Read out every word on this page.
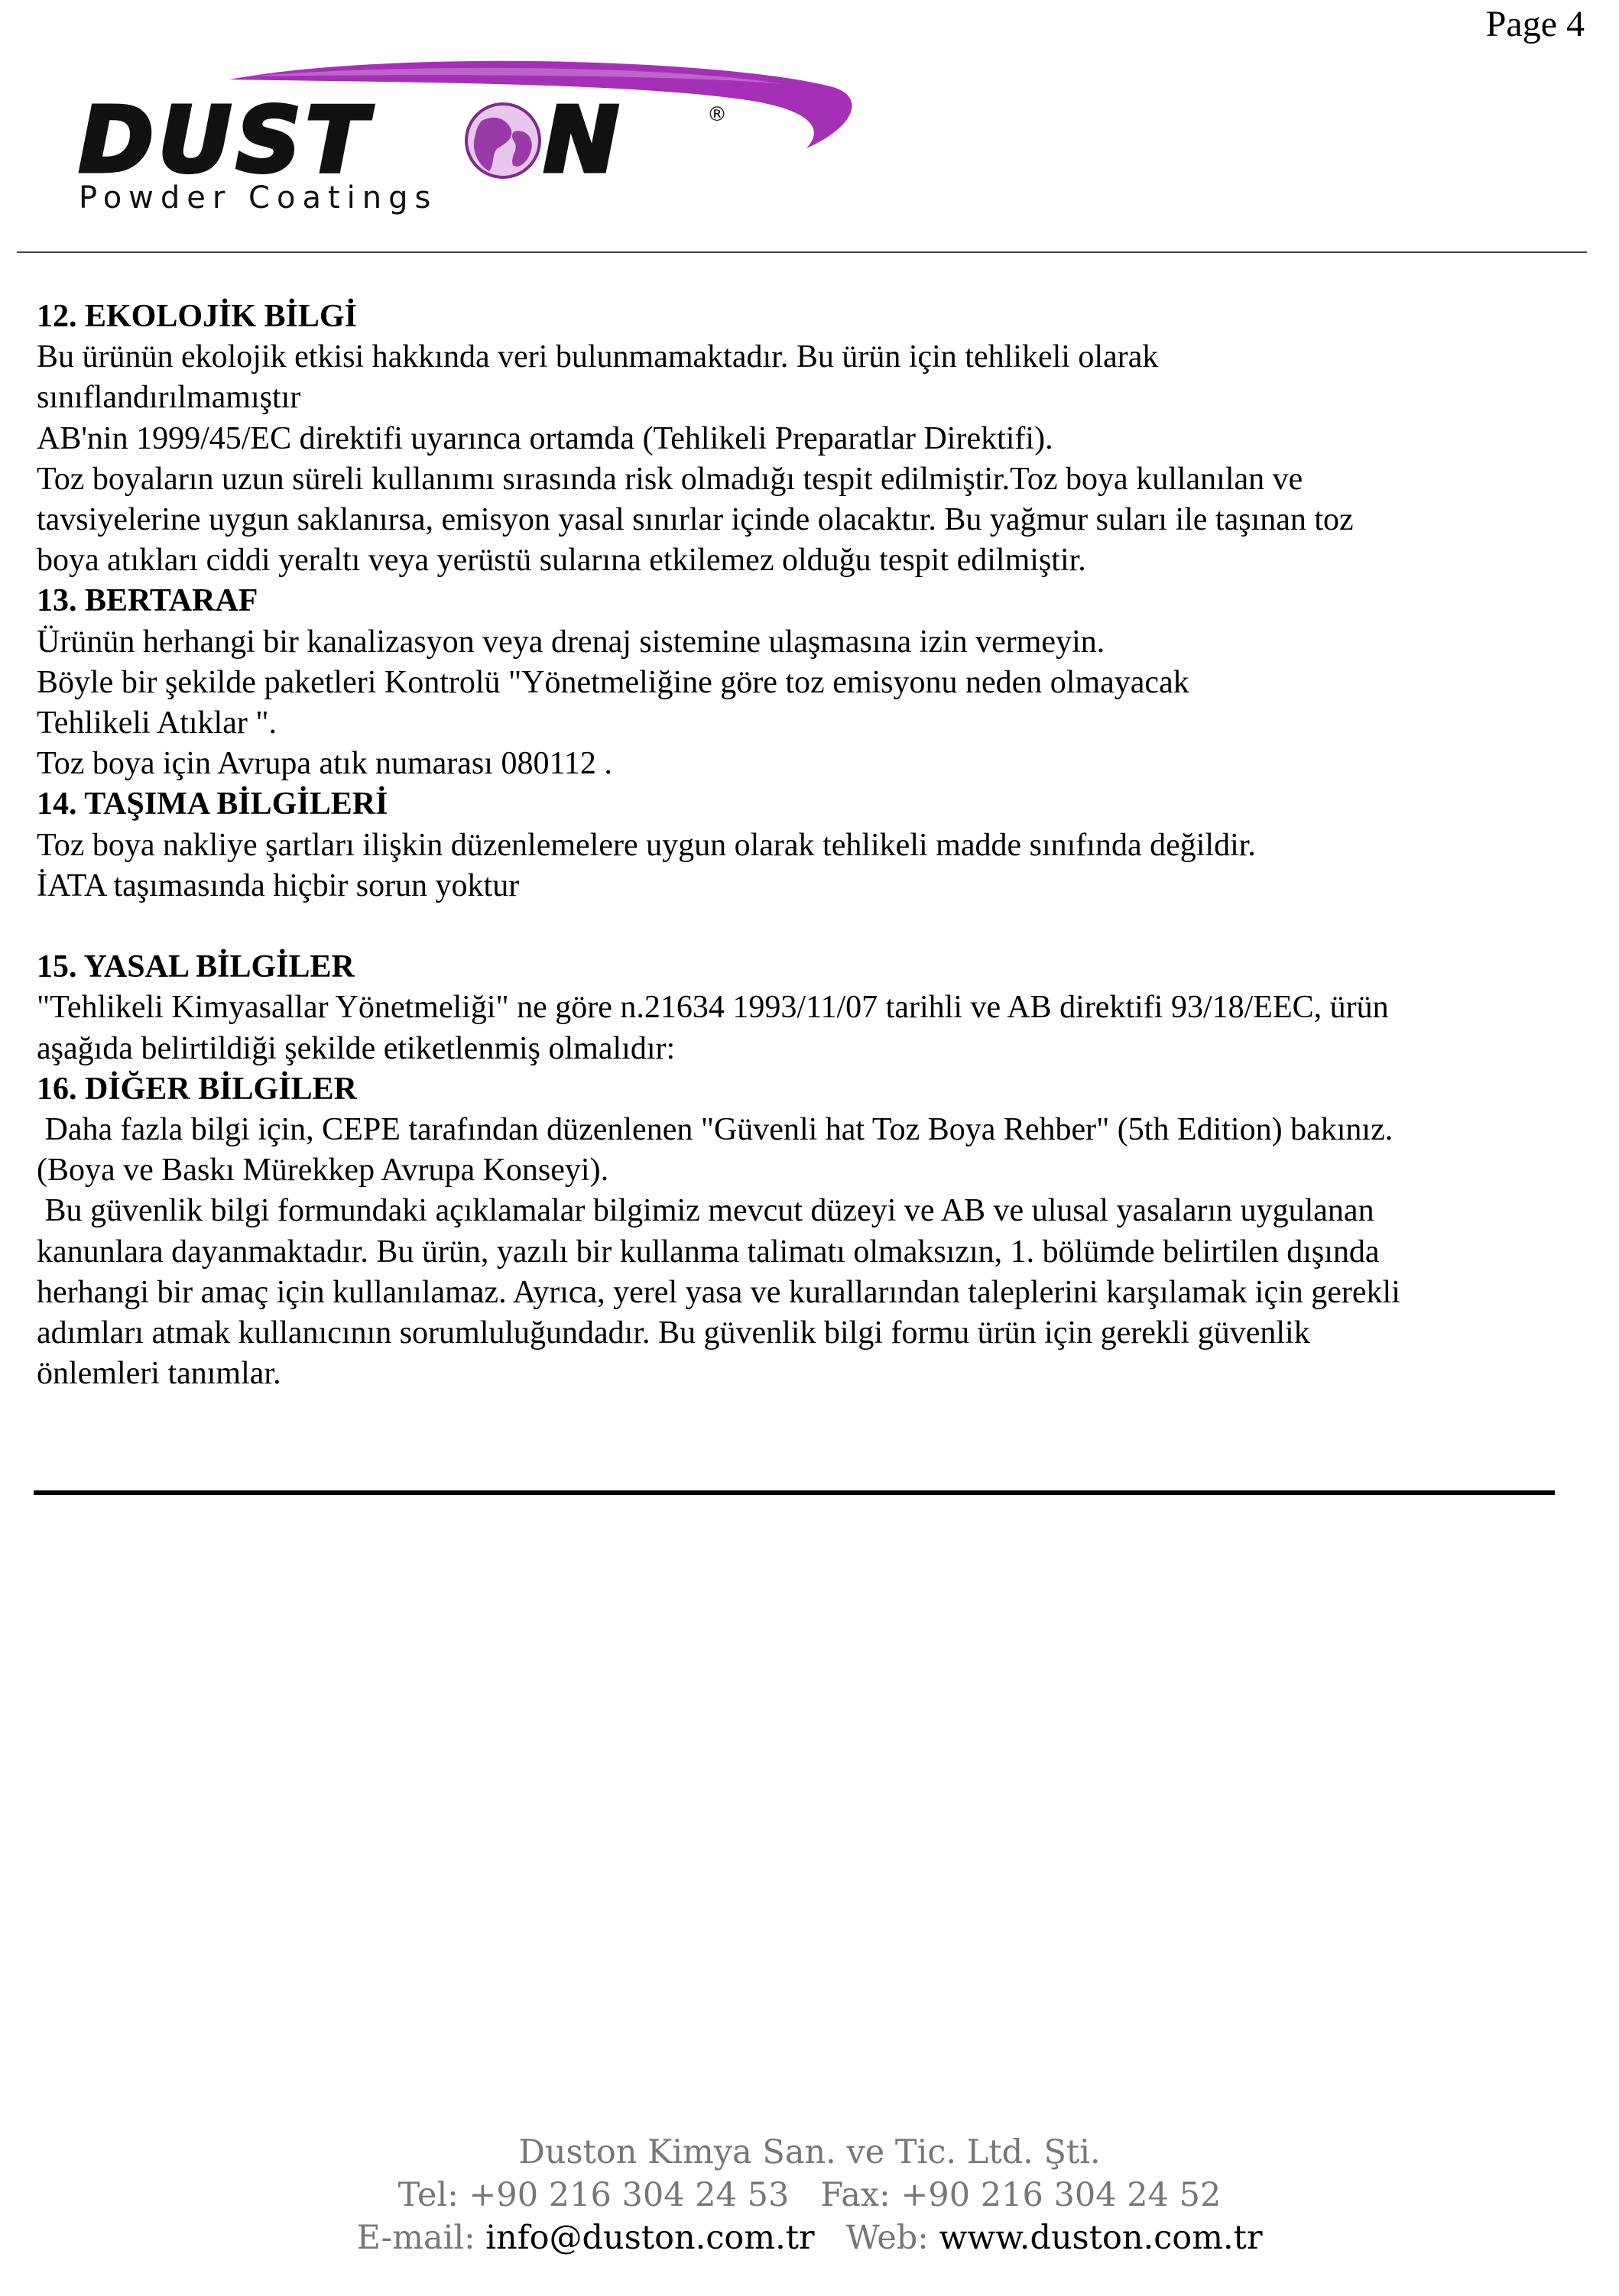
Page 4
DUST N	®
Powder Coatings

12. EKOLOJİK BİLGİ

Bu ürünün ekolojik etkisi hakkında veri bulunmamaktadır. Bu ürün için tehlikeli olarak

sınıflandırılmamıştır

AB'nin 1999/45/EC direktifi uyarınca ortamda (Tehlikeli Preparatlar Direktifi).

Toz boyaların uzun süreli kullanımı sırasında risk olmadığı tespit edilmiştir.Toz boya kullanılan ve

tavsiyelerine uygun saklanırsa, emisyon yasal sınırlar içinde olacaktır. Bu yağmur suları ile taşınan toz

boya atıkları ciddi yeraltı veya yerüstü sularına etkilemez olduğu tespit edilmiştir.

13. BERTARAF

Ürünün herhangi bir kanalizasyon veya drenaj sistemine ulaşmasına izin vermeyin.

Böyle bir şekilde paketleri Kontrolü "Yönetmeliğine göre toz emisyonu neden olmayacak

Tehlikeli Atıklar ".

Toz boya için Avrupa atık numarası 080112 .

14. TAŞIMA BİLGİLERİ

Toz boya nakliye şartları ilişkin düzenlemelere uygun olarak tehlikeli madde sınıfında değildir.

İATA taşımasında hiçbir sorun yoktur

15. YASAL BİLGİLER

"Tehlikeli Kimyasallar Yönetmeliği" ne göre n.21634 1993/11/07 tarihli ve AB direktifi 93/18/EEC, ürün

aşağıda belirtildiği şekilde etiketlenmiş olmalıdır:

16. DİĞER BİLGİLER

Daha fazla bilgi için, CEPE tarafından düzenlenen "Güvenli hat Toz Boya Rehber" (5th Edition) bakınız.

(Boya ve Baskı Mürekkep Avrupa Konseyi).

Bu güvenlik bilgi formundaki açıklamalar bilgimiz mevcut düzeyi ve AB ve ulusal yasaların uygulanan

kanunlara dayanmaktadır. Bu ürün, yazılı bir kullanma talimatı olmaksızın, 1. bölümde belirtilen dışında

herhangi bir amaç için kullanılamaz. Ayrıca, yerel yasa ve kurallarından taleplerini karşılamak için gerekli

adımları atmak kullanıcının sorumluluğundadır. Bu güvenlik bilgi formu ürün için gerekli güvenlik

önlemleri tanımlar.

Duston Kimya San. ve Tic. Ltd. Şti.

Tel: +90 216 304 24 53 Fax: +90 216 304 24 52

E-mail: info@duston.com.tr Web: www.duston.com.tr
